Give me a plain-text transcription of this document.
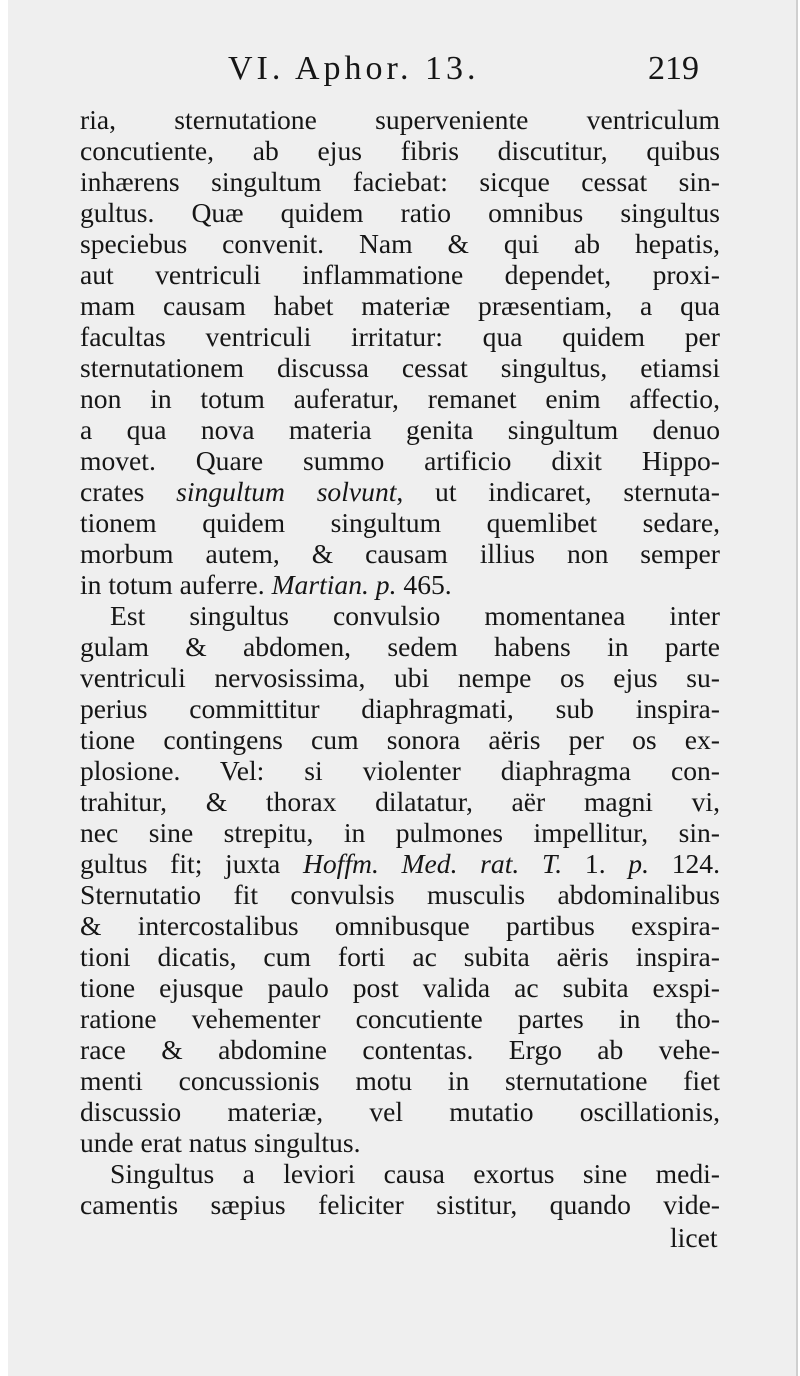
VI. Aphor. 13.	219
ria, sternutatione superveniente ventriculum
concutiente, ab ejus fibris discutitur, quibus
inhærens singultum faciebat: sicque cessat sin-
gultus. Quæ quidem ratio omnibus singultus
speciebus convenit. Nam & qui ab hepatis,
aut ventriculi inflammatione dependet, proxi-
mam causam habet materiæ præsentiam, a qua
facultas ventriculi irritatur: qua quidem per
sternutationem discussa cessat singultus, etiamsi
non in totum auferatur, remanet enim affectio,
a qua nova materia genita singultum denuo
movet. Quare summo artificio dixit Hippo-
crates singultum solvunt, ut indicaret, sternuta-
tionem quidem singultum quemlibet sedare,
morbum autem, & causam illius non semper
in totum auferre. Martian. p. 465.
Est singultus convulsio momentanea inter
gulam & abdomen, sedem habens in parte
ventriculi nervosissima, ubi nempe os ejus su-
perius committitur diaphragmati, sub inspira-
tione contingens cum sonora aëris per os ex-
plosione. Vel: si violenter diaphragma con-
trahitur, & thorax dilatatur, aër magni vi,
nec sine strepitu, in pulmones impellitur, sin-
gultus fit; juxta Hoffm. Med. rat. T. 1. p. 124.
Sternutatio fit convulsis musculis abdominalibus
& intercostalibus omnibusque partibus exspira-
tioni dicatis, cum forti ac subita aëris inspira-
tione ejusque paulo post valida ac subita exspi-
ratione vehementer concutiente partes in tho-
race & abdomine contentas. Ergo ab vehe-
menti concussionis motu in sternutatione fiet
discussio materiæ, vel mutatio oscillationis,
unde erat natus singultus.
Singultus a leviori causa exortus sine medi-
camentis sæpius feliciter sistitur, quando vide-
licet
